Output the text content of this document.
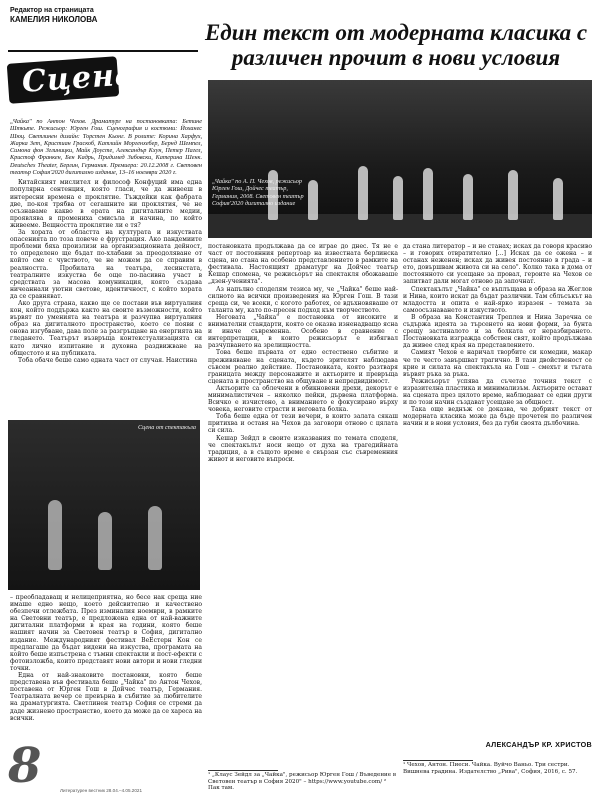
Редактор на страницата
КАМЕЛИЯ НИКОЛОВА
Сцена
Един текст от модерната класика с различен прочит в нови условия
„Чайка" по А. П. Чехов, режисьор Юрген Гош, Дойчес театър, Германия, 2008. Световен театър София'2020 дигитално издание

„Чайка" по Антон Чехов. Драматург на постановката: Бетине Шткьте. Режисьор: Юрген Гош. Сценография и костюми: Йоханес Шюц. Светлинен дизайн: Торстен Кьонг. В ролите: Корина Харфух, Жарка Зет, Кристиан Граскоб, Катлийн Моргенхебер, Бернд Шемпел, Симона фон Зглиницки, Майк Доусте, Александър Кхун, Петер Пагел, Кристоф Франкен, Бен Кадрь, Придимед Зибовски, Катерина Шенк. Deutsches Theater, Берлин, Германия. Премиера: 20.12.2008 г. Световен театър София'2020 дигитално издание, 13–16 ноември 2020 г.

Китайският мислител и философ Конфуций има една популярна сентенция, която гласи, че да живееш в интересни времена е проклятие. Тъждейки как фабрата две, по-коя трябва от сегашните ни проклятия, че не осъзнаваме какво в ерата на дигиталните медии, проявлява в промениха смисъла и начина, по който живееме. Вещността проклятие ли е тя?

За хората от областта на културата и изкуствата опасенията по тоза повече е фрустрация. Ако пандемиите проблеми бяха произлизи на организационната дейност, то определено ще бъдат по-хлабави за преодоляване от който сме с чувството, че не можем да се справим в реалността. Пробилата на театъра, лесинстата, театралните изкуства бе още по-пасивна участ в средствата за масова комуникация, която създава ничеаннали уютни светове, идентичност, с който хората да се сравняват.

Ако друга страна, какво ще се постави във виртуалния кон, който поддържа както на своите възможности, който вървят по уменията на театъра и разчупва виртуалния образ на дигиталното пространство, което се появи с онова изгубване, дава поле за разгръщане на енергията на гледането. Театърът възвръща контекстуализацията си като лично изпитание и духовна раздвижване на общестото и на публиката.

Тоба обаче беше само едната част от случая. Наистина

Сцена от спектакъла

– преобладаващ и нелицеприятна, но бесе нак среща ние имаше едно нещо, което дейсвително и качествено обезпечи отлежбата. През изминалия ноември, в рамките на Световни театър, е предложена една от най-важните дигитални платформи в края на години, която беше нашият начин за Световен театър в София, дигитално издание. Международният фестивал ВеЕстерн Кон се предлагаше да бъдат видени на изкуства, програмата на който беше изпъстрена с тъмни спектакли и пост-ефекти с фотоизложба, които представят нови автори и нови гледни точки.

Една от най-знаковите постановки, която беше представена във фестивала беше „Чайка" по Антон Чехов, поставена от Юрген Гош в Дойчес театър, Германия. Театралната вечер се превърна в събитие за любителите на драматургията. Светлинен театър София се стреми да даде жизнено пространство, което да може да се хареса на всички.

постановката продължава да се играе до днес. Тя не е част от постоянния репертоар на известната берлинска сцена, но стана на особено представлението в рамките на фестивала. Настоящият драматург на Дойчес театър Кешар спомена, че режисьорът на спектакля обожаваше „дзен-ученията".

Аз напълно споделям тезиса му, че „Чайка" беше най-силното на всички произведения на Юрген Гош. В тази среща си, че всеки, с когото работех, се вдъхновяваше от таланта му, като по-пресен подход към творчеството.

Неговата „Чайка" е постановка от високите и внимателни стандарти, която се оказва изненадващо ясна и иначе съвременна. Особено в сравнение с интерпретации, в които режисьорът е избягвал разчупването на зрелищността.

Това беше първата от едно естествено събитие и преживяване на сцената, където зрителят наблюдава съвсем реално действие. Постановката, която разтваря границата между персонажите и актьорите и превръща сцената в пространство на общуване и непредвидимост.

Актьорите са облечени в обикновени дрехи, декорът е минималистичен – няколко пейки, дървена платформа. Всичко е изчистено, а вниманието е фокусирано върху човека, неговите страсти и неговата болка.

Тоба беше една от тези вечери, в които залата сякаш притихва и оставя на Чехов да заговори отново с цялата си сила.

Кешар Зейдл в своите изказвания по темата споделя, че спектакълът носи нещо от духа на трагедийната традиция, а в същото време е свързан със съвременния живот и неговите въпроси.

да стана литератор – и не станах; исках да говоря красиво – и говорих отвратително [...] Исках да се ожена – и останах неженен; исках да живея постоянно в града – и ето, довършвам живота си на село". Колко така в дома от постоянното си усещане за провал, героите на Чехов се запитват дали могат отново да започнат.

Спектакълът „Чайка" се въплъщава в образа на Жеглов и Нина, които искат да бъдат различни. Там сблъсъкът на младостта и опита е най-ярко изразен – темата за самоосъзнаването и изкуството.

В образа на Константин Треплев и Нина Заречна се съдържа идеята за търсенето на нови форми, за бунта срещу застиналото и за болката от неразбирането. Постановката изгражда собствен свят, който продължава да живее след края на представлението.

Самият Чехов е наричал творбите си комедии, макар че те често завършват трагично. В тази двойственост се крие и силата на спектакъла на Гош – смехът и тъгата вървят ръка за ръка.

Режисьорът успява да съчетае точния текст с изразителна пластика и минимализъм. Актьорите остават на сцената през цялото време, наблюдават се едни други и по този начин създават усещане за общност.

Така още веднъж се доказва, че добрият текст от модерната класика може да бъде прочетен по различен начин и в нови условия, без да губи своята дълбочина.

АЛЕКСАНДЪР КР. ХРИСТОВ
¹ „Клаус Зейдл за „Чайка", режисьор Юрген Гош / Въведение в Световен театър в София 2020" – https://www.youtube.com/ ² Пак там.
¹ Чехов, Антон. Пиеси. Чайка. Вуйчо Ваньо. Три сестри. Вишнева градина. Издателство „Рива", София, 2016, с. 57.
8	Литературен вестник 28.04.–4.05.2021
